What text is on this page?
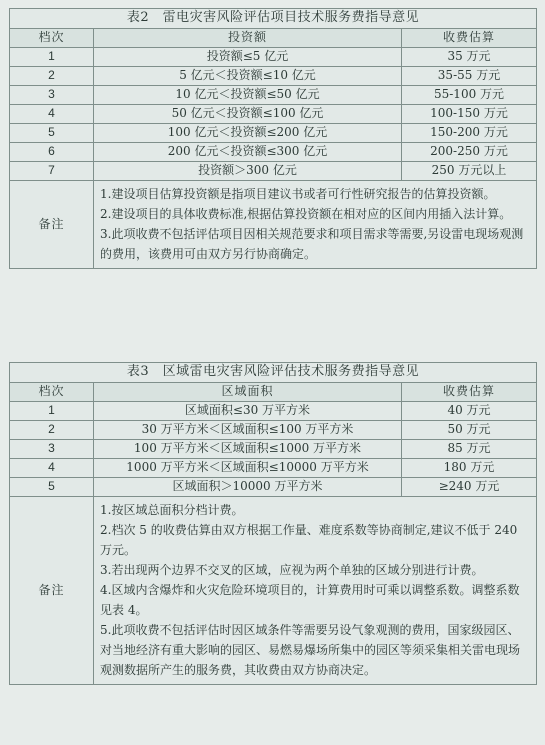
表2　雷电灾害风险评估项目技术服务费指导意见		
档次	投资额	收费估算
1	投资额≤5 亿元	35 万元
2	5 亿元＜投资额≤10 亿元	35-55 万元
3	10 亿元＜投资额≤50 亿元	55-100 万元
4	50 亿元＜投资额≤100 亿元	100-150 万元
5	100 亿元＜投资额≤200 亿元	150-200 万元
6	200 亿元＜投资额≤300 亿元	200-250 万元
7	投资额＞300 亿元	250 万元以上
备注	1.建设项目估算投资额是指项目建议书或者可行性研究报告的估算投资额。

2.建设项目的具体收费标准,根据估算投资额在相对应的区间内用插入法计算。

3.此项收费不包括评估项目因相关规范要求和项目需求等需要,另设雷电现场观测的费用，该费用可由双方另行协商确定。	

表3　区域雷电灾害风险评估技术服务费指导意见		
档次	区域面积	收费估算
1	区域面积≤30 万平方米	40 万元
2	30 万平方米＜区域面积≤100 万平方米	50 万元
3	100 万平方米＜区域面积≤1000 万平方米	85 万元
4	1000 万平方米＜区域面积≤10000 万平方米	180 万元
5	区域面积＞10000 万平方米	≥240 万元
备注	1.按区域总面积分档计费。

2.档次 5 的收费估算由双方根据工作量、难度系数等协商制定,建议不低于 240 万元。

3.若出现两个边界不交叉的区域，应视为两个单独的区域分别进行计费。

4.区域内含爆炸和火灾危险环境项目的，计算费用时可乘以调整系数。调整系数见表 4。

5.此项收费不包括评估时因区域条件等需要另设气象观测的费用，国家级园区、对当地经济有重大影响的园区、易燃易爆场所集中的园区等须采集相关雷电现场观测数据所产生的服务费，其收费由双方协商决定。	
